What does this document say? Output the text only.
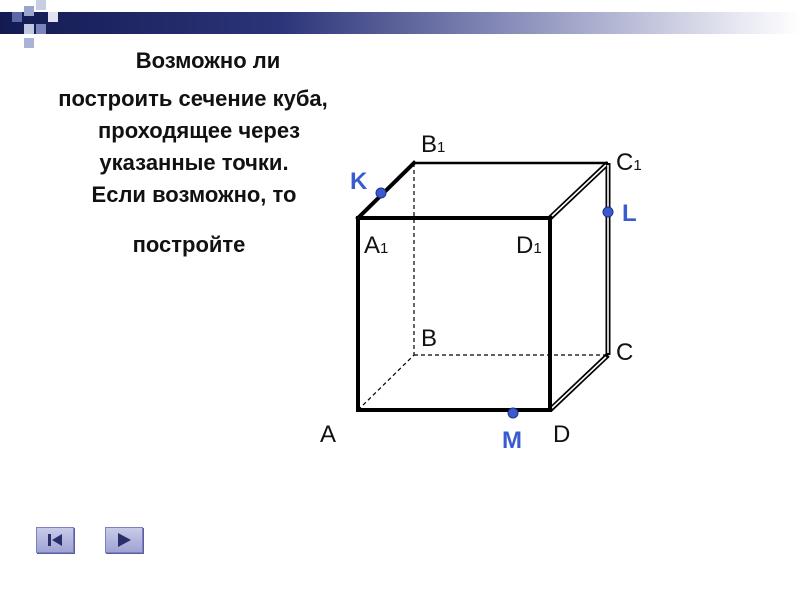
Возможно ли

построить сечение куба,

проходящее через

указанные точки.

Если возможно, то

постройте

A	D
B
C
A1	D1
B1
C1
K
L
M
